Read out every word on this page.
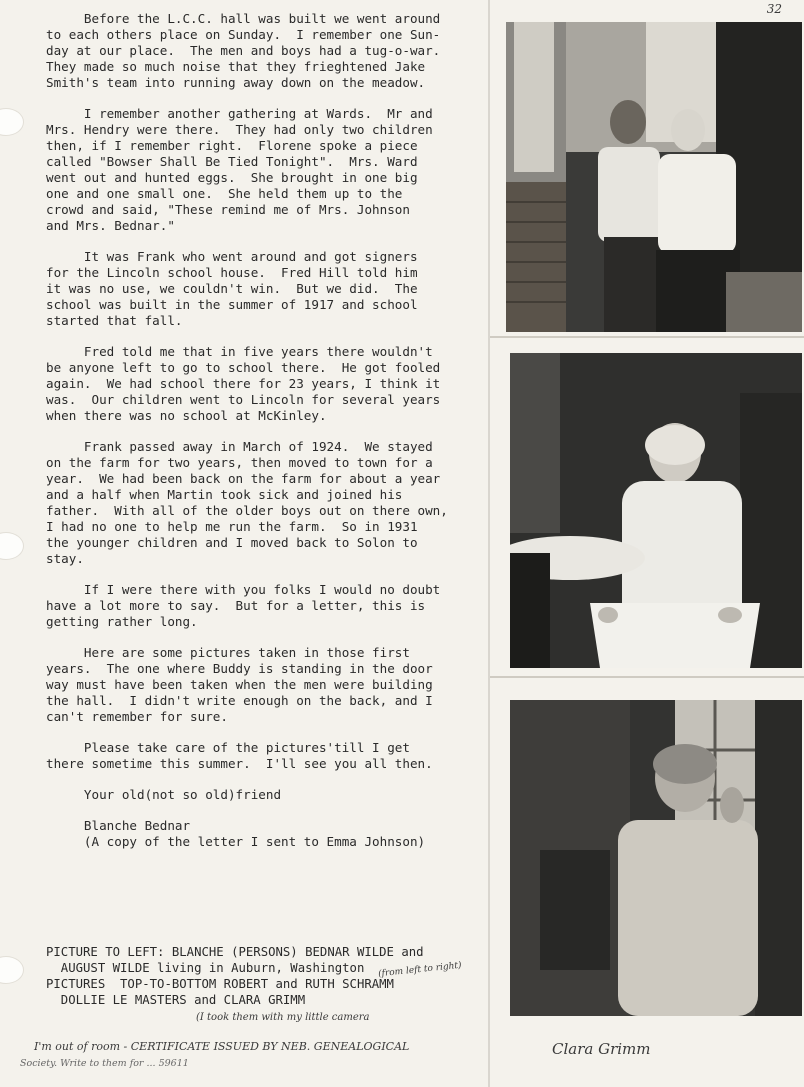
32
Before the L.C.C. hall was built we went around
to each others place on Sunday.  I remember one Sun-
day at our place.  The men and boys had a tug-o-war.
They made so much noise that they frieghtened Jake
Smith's team into running away down on the meadow.
I remember another gathering at Wards.  Mr and
Mrs. Hendry were there.  They had only two children
then, if I remember right.  Florene spoke a piece
called "Bowser Shall Be Tied Tonight".  Mrs. Ward
went out and hunted eggs.  She brought in one big
one and one small one.  She held them up to the
crowd and said, "These remind me of Mrs. Johnson
and Mrs. Bednar."
It was Frank who went around and got signers
for the Lincoln school house.  Fred Hill told him
it was no use, we couldn't win.  But we did.  The
school was built in the summer of 1917 and school
started that fall.
Fred told me that in five years there wouldn't
be anyone left to go to school there.  He got fooled
again.  We had school there for 23 years, I think it
was.  Our children went to Lincoln for several years
when there was no school at McKinley.
Frank passed away in March of 1924.  We stayed
on the farm for two years, then moved to town for a
year.  We had been back on the farm for about a year
and a half when Martin took sick and joined his
father.  With all of the older boys out on there own,
I had no one to help me run the farm.  So in 1931
the younger children and I moved back to Solon to
stay.
If I were there with you folks I would no doubt
have a lot more to say.  But for a letter, this is
getting rather long.
Here are some pictures taken in those first
years.  The one where Buddy is standing in the door
way must have been taken when the men were building
the hall.  I didn't write enough on the back, and I
can't remember for sure.
Please take care of the pictures'till I get
there sometime this summer.  I'll see you all then.
Your old(not so old)friend
Blanche Bednar
(A copy of the letter I sent to Emma Johnson)
PICTURE TO LEFT: BLANCHE (PERSONS) BEDNAR WILDE and
AUGUST WILDE living in Auburn, Washington
PICTURES  TOP-TO-BOTTOM ROBERT and RUTH SCHRAMM
DOLLIE LE MASTERS and CLARA GRIMM
(from left to right)
(I took them with my little camera
I'm out of room - CERTIFICATE ISSUED BY NEB. GENEALOGICAL
Society. Write to them for ... 59611
Clara Grimm
